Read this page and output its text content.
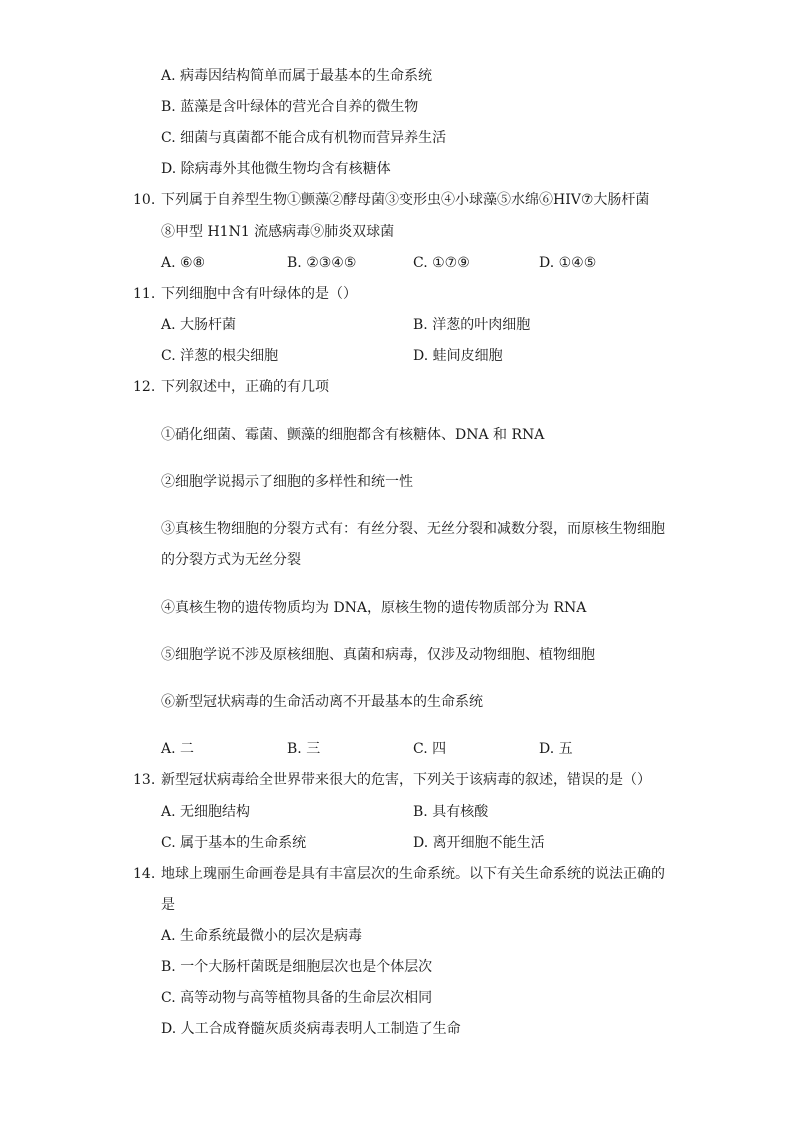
A. 病毒因结构简单而属于最基本的生命系统
B. 蓝藻是含叶绿体的营光合自养的微生物
C. 细菌与真菌都不能合成有机物而营异养生活
D. 除病毒外其他微生物均含有核糖体
10. 下列属于自养型生物①颤藻②酵母菌③变形虫④小球藻⑤水绵⑥HIV⑦大肠杆菌
⑧甲型 H1N1 流感病毒⑨肺炎双球菌
A. ⑥⑧	B. ②③④⑤	C. ①⑦⑨	D. ①④⑤
11. 下列细胞中含有叶绿体的是（）
A. 大肠杆菌	B. 洋葱的叶肉细胞
C. 洋葱的根尖细胞	D. 蛙间皮细胞
12. 下列叙述中，正确的有几项
①硝化细菌、霉菌、颤藻的细胞都含有核糖体、DNA 和 RNA
②细胞学说揭示了细胞的多样性和统一性
③真核生物细胞的分裂方式有：有丝分裂、无丝分裂和减数分裂，而原核生物细胞
的分裂方式为无丝分裂
④真核生物的遗传物质均为 DNA，原核生物的遗传物质部分为 RNA
⑤细胞学说不涉及原核细胞、真菌和病毒，仅涉及动物细胞、植物细胞
⑥新型冠状病毒的生命活动离不开最基本的生命系统
A. 二	B. 三	C. 四	D. 五
13. 新型冠状病毒给全世界带来很大的危害，下列关于该病毒的叙述，错误的是（）
A. 无细胞结构	B. 具有核酸
C. 属于基本的生命系统	D. 离开细胞不能生活
14. 地球上瑰丽生命画卷是具有丰富层次的生命系统。以下有关生命系统的说法正确的
是
A. 生命系统最微小的层次是病毒
B. 一个大肠杆菌既是细胞层次也是个体层次
C. 高等动物与高等植物具备的生命层次相同
D. 人工合成脊髓灰质炎病毒表明人工制造了生命
